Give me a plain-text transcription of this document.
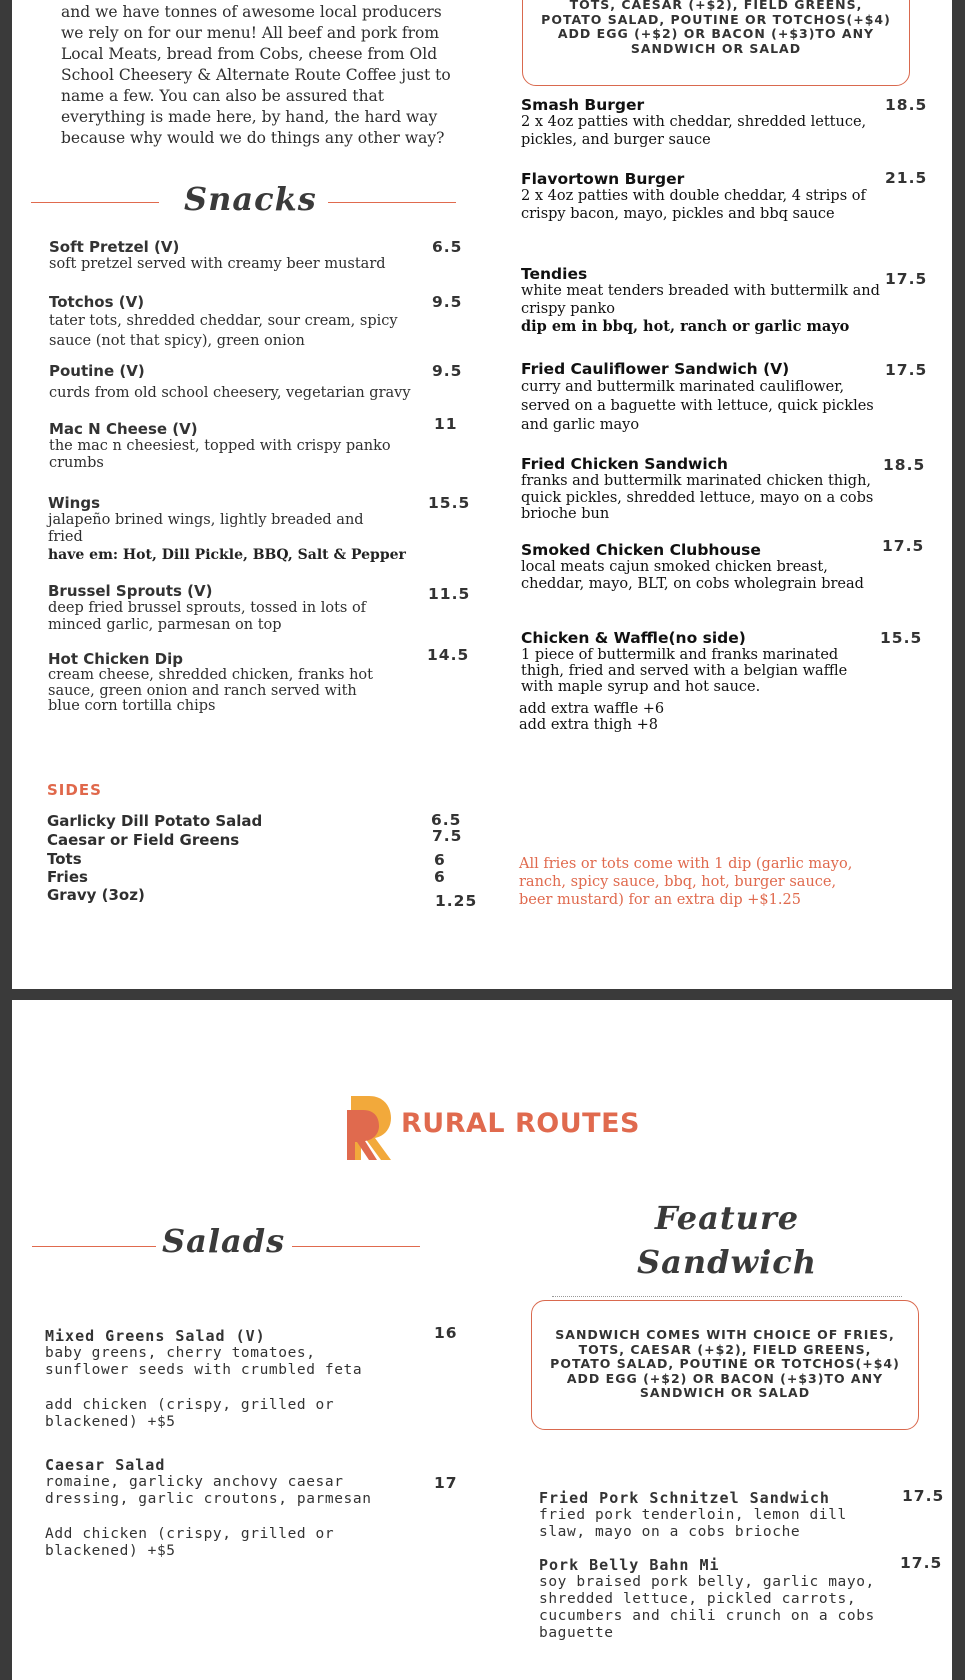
and we have tonnes of awesome local producers we rely on for our menu! All beef and pork from Local Meats, bread from Cobs, cheese from Old School Cheesery & Alternate Route Coffee just to name a few. You can also be assured that everything is made here, by hand, the hard way because why would we do things any other way?
Snacks
Soft Pretzel (V)
soft pretzel served with creamy beer mustard
6.5
Totchos (V)
tater tots, shredded cheddar, sour cream, spicy sauce (not that spicy), green onion
9.5
Poutine (V)
curds from old school cheesery, vegetarian gravy
9.5
Mac N Cheese (V)
the mac n cheesiest, topped with crispy panko crumbs
11
Wings
jalapeño brined wings, lightly breaded and fried
have em: Hot, Dill Pickle, BBQ, Salt & Pepper
15.5
Brussel Sprouts (V)
deep fried brussel sprouts, tossed in lots of minced garlic, parmesan on top
11.5
Hot Chicken Dip
cream cheese, shredded chicken, franks hot sauce, green onion and ranch served with blue corn tortilla chips
14.5
SIDES
Garlicky Dill Potato Salad	6.5
Caesar or Field Greens	7.5
Tots	6
Fries	6
Gravy (3oz)	1.25
TOTS, CAESAR (+$2), FIELD GREENS, POTATO SALAD, POUTINE OR TOTCHOS(+$4) ADD EGG (+$2) OR BACON (+$3)TO ANY SANDWICH OR SALAD
Smash Burger
2 x 4oz patties with cheddar, shredded lettuce, pickles, and burger sauce
18.5
Flavortown Burger
2 x 4oz patties with double cheddar, 4 strips of crispy bacon, mayo, pickles and bbq sauce
21.5
Tendies
white meat tenders breaded with buttermilk and crispy panko
dip em in bbq, hot, ranch or garlic mayo
17.5
Fried Cauliflower Sandwich (V)
curry and buttermilk marinated cauliflower, served on a baguette with lettuce, quick pickles and garlic mayo
17.5
Fried Chicken Sandwich
franks and buttermilk marinated chicken thigh, quick pickles, shredded lettuce, mayo on a cobs brioche bun
18.5
Smoked Chicken Clubhouse
local meats cajun smoked chicken breast, cheddar, mayo, BLT, on cobs wholegrain bread
17.5
Chicken & Waffle(no side)
1 piece of buttermilk and franks marinated thigh, fried and served with a belgian waffle with maple syrup and hot sauce.
15.5
add extra waffle +6
add extra thigh +8
All fries or tots come with 1 dip (garlic mayo, ranch, spicy sauce, bbq, hot, burger sauce, beer mustard) for an extra dip +$1.25
RURAL ROUTES
Salads
Mixed Greens Salad (V)
baby greens, cherry tomatoes, sunflower seeds with crumbled feta
add chicken (crispy, grilled or blackened) +$5
16
Caesar Salad
romaine, garlicky anchovy caesar dressing, garlic croutons, parmesan
Add chicken (crispy, grilled or blackened) +$5
17
Feature
Sandwich
SANDWICH COMES WITH CHOICE OF FRIES, TOTS, CAESAR (+$2), FIELD GREENS, POTATO SALAD, POUTINE OR TOTCHOS(+$4) ADD EGG (+$2) OR BACON (+$3)TO ANY SANDWICH OR SALAD
Fried Pork Schnitzel Sandwich
fried pork tenderloin, lemon dill slaw, mayo on a cobs brioche
17.5
Pork Belly Bahn Mi
soy braised pork belly, garlic mayo, shredded lettuce, pickled carrots, cucumbers and chili crunch on a cobs baguette
17.5
